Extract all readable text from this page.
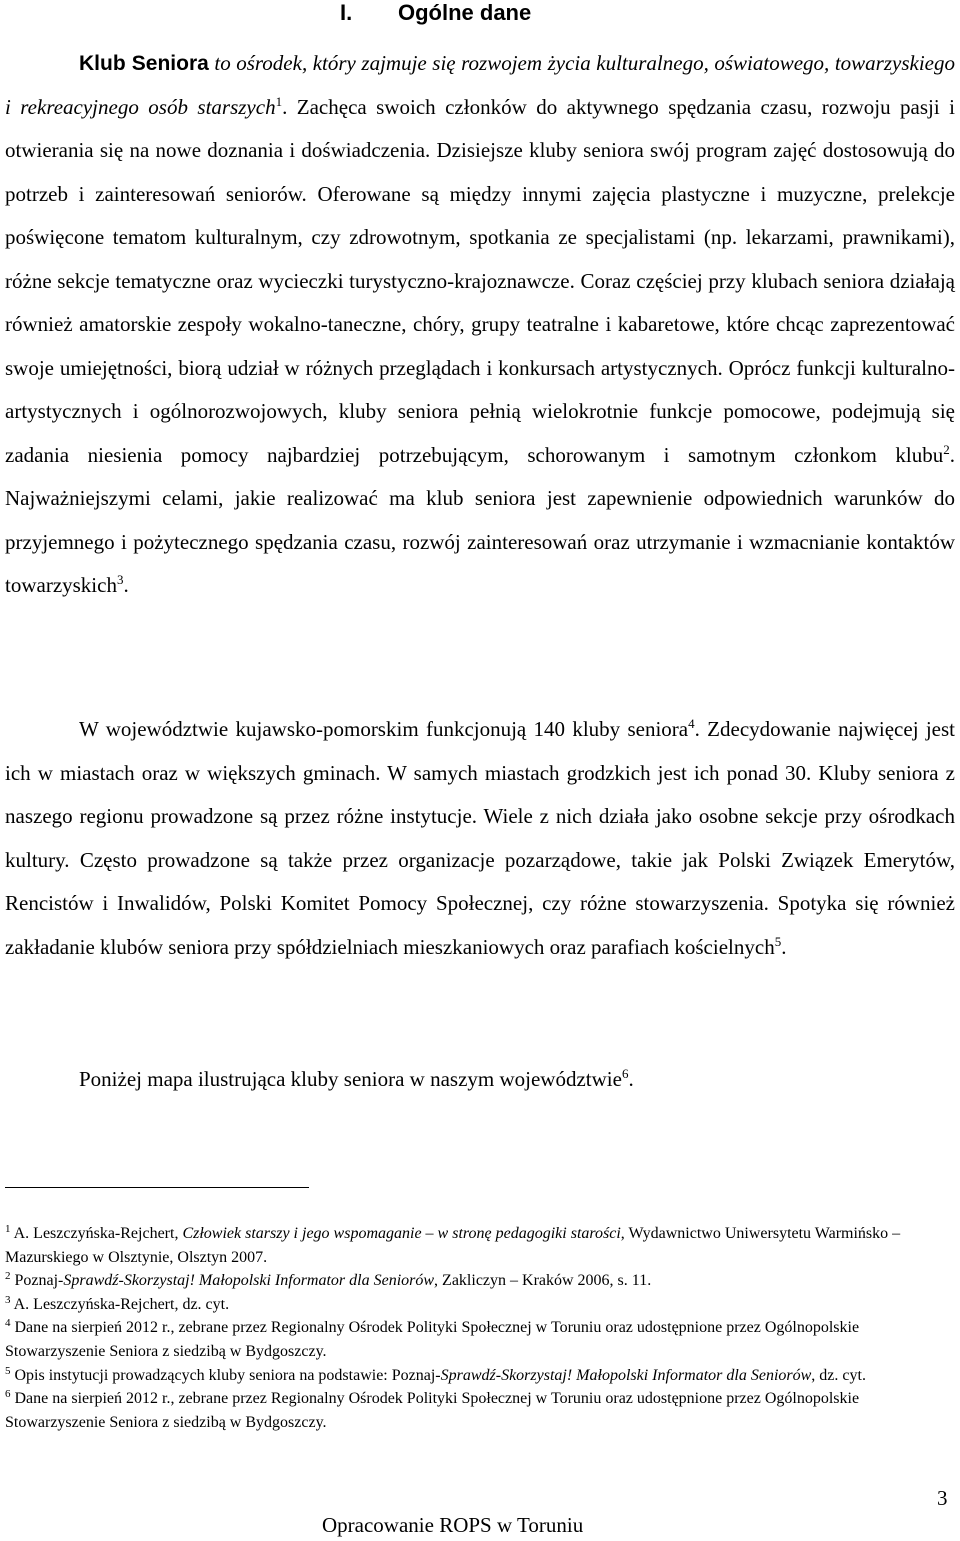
I. Ogólne dane

Klub Seniora to ośrodek, który zajmuje się rozwojem życia kulturalnego, oświatowego, towarzyskiego i rekreacyjnego osób starszych$^1$. Zachęca swoich członków do aktywnego spędzania czasu, rozwoju pasji i otwierania się na nowe doznania i doświadczenia. Dzisiejsze kluby seniora swój program zajęć dostosowują do potrzeb i zainteresowań seniorów. Oferowane są między innymi zajęcia plastyczne i muzyczne, prelekcje poświęcone tematom kulturalnym, czy zdrowotnym, spotkania ze specjalistami (np. lekarzami, prawnikami), różne sekcje tematyczne oraz wycieczki turystyczno-krajoznawcze. Coraz częściej przy klubach seniora działają również amatorskie zespoły wokalno-taneczne, chóry, grupy teatralne i kabaretowe, które chcąc zaprezentować swoje umiejętności, biorą udział w różnych przeglądach i konkursach artystycznych. Oprócz funkcji kulturalno-artystycznych i ogólnorozwojowych, kluby seniora pełnią wielokrotnie funkcje pomocowe, podejmują się zadania niesienia pomocy najbardziej potrzebującym, schorowanym i samotnym członkom klubu$^2$. Najważniejszymi celami, jakie realizować ma klub seniora jest zapewnienie odpowiednich warunków do przyjemnego i pożytecznego spędzania czasu, rozwój zainteresowań oraz utrzymanie i wzmacnianie kontaktów towarzyskich$^3$.

W województwie kujawsko-pomorskim funkcjonują 140 kluby seniora$^4$. Zdecydowanie najwięcej jest ich w miastach oraz w większych gminach. W samych miastach grodzkich jest ich ponad 30. Kluby seniora z naszego regionu prowadzone są przez różne instytucje. Wiele z nich działa jako osobne sekcje przy ośrodkach kultury. Często prowadzone są także przez organizacje pozarządowe, takie jak Polski Związek Emerytów, Rencistów i Inwalidów, Polski Komitet Pomocy Społecznej, czy różne stowarzyszenia. Spotyka się również zakładanie klubów seniora przy spółdzielniach mieszkaniowych oraz parafiach kościelnych$^5$.

Poniżej mapa ilustrująca kluby seniora w naszym województwie$^6$.

$^1$ A. Leszczyńska-Rejchert, Człowiek starszy i jego wspomaganie – w stronę pedagogiki starości, Wydawnictwo Uniwersytetu Warmińsko – Mazurskiego w Olsztynie, Olsztyn 2007.

$^2$ Poznaj-Sprawdź-Skorzystaj! Małopolski Informator dla Seniorów, Zakliczyn – Kraków 2006, s. 11.

$^3$ A. Leszczyńska-Rejchert, dz. cyt.

$^4$ Dane na sierpień 2012 r., zebrane przez Regionalny Ośrodek Polityki Społecznej w Toruniu oraz udostępnione przez Ogólnopolskie Stowarzyszenie Seniora z siedzibą w Bydgoszczy.

$^5$ Opis instytucji prowadzących kluby seniora na podstawie: Poznaj-Sprawdź-Skorzystaj! Małopolski Informator dla Seniorów, dz. cyt.

$^6$ Dane na sierpień 2012 r., zebrane przez Regionalny Ośrodek Polityki Społecznej w Toruniu oraz udostępnione przez Ogólnopolskie Stowarzyszenie Seniora z siedzibą w Bydgoszczy.

3
Opracowanie ROPS w Toruniu
